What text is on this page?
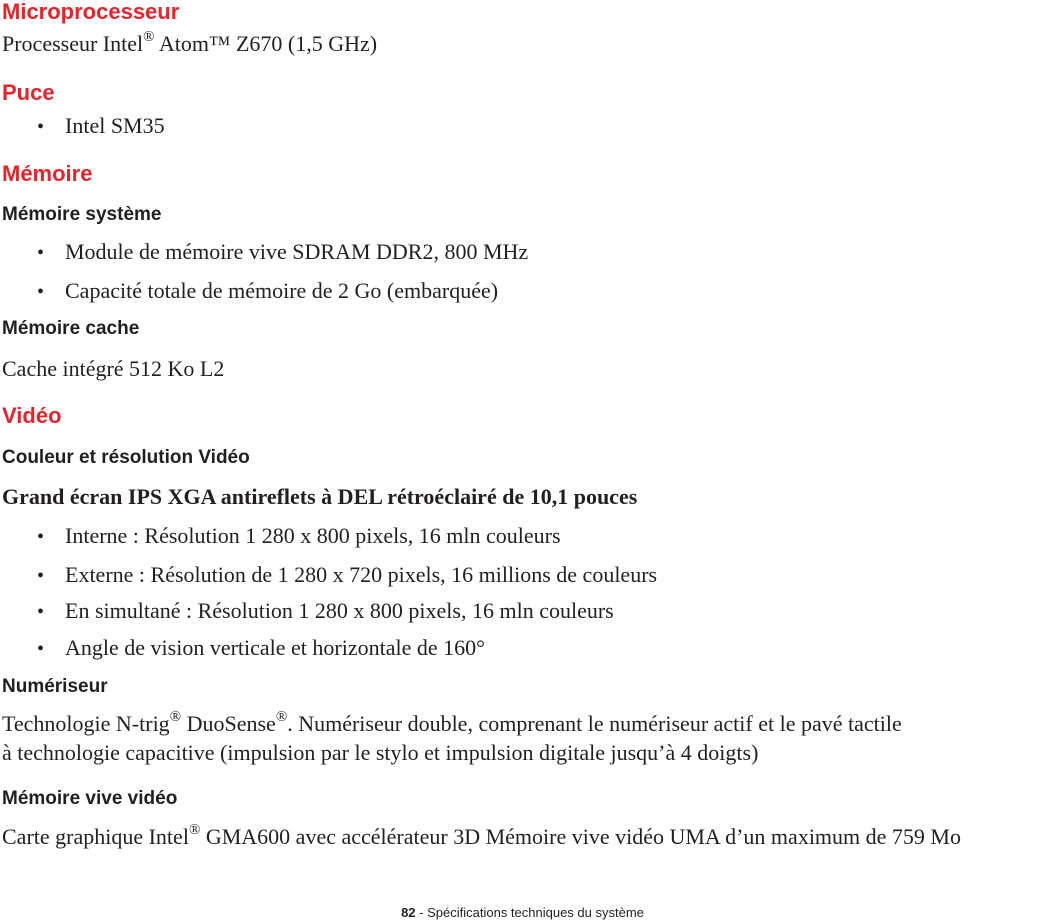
Microprocesseur

Processeur Intel® Atom™ Z670 (1,5 GHz)

Puce

• Intel SM35

Mémoire
Mémoire système

• Module de mémoire vive SDRAM DDR2, 800 MHz

• Capacité totale de mémoire de 2 Go (embarquée)

Mémoire cache

Cache intégré 512 Ko L2

Vidéo
Couleur et résolution Vidéo

Grand écran IPS XGA antireflets à DEL rétroéclairé de 10,1 pouces

• Interne : Résolution 1 280 x 800 pixels, 16 mln couleurs

• Externe : Résolution de 1 280 x 720 pixels, 16 millions de couleurs

• En simultané : Résolution 1 280 x 800 pixels, 16 mln couleurs

• Angle de vision verticale et horizontale de 160°

Numériseur

Technologie N-trig® DuoSense®. Numériseur double, comprenant le numériseur actif et le pavé tactile

à technologie capacitive (impulsion par le stylo et impulsion digitale jusqu’à 4 doigts)

Mémoire vive vidéo

Carte graphique Intel® GMA600 avec accélérateur 3D Mémoire vive vidéo UMA d’un maximum de 759 Mo

82 - Spécifications techniques du système
